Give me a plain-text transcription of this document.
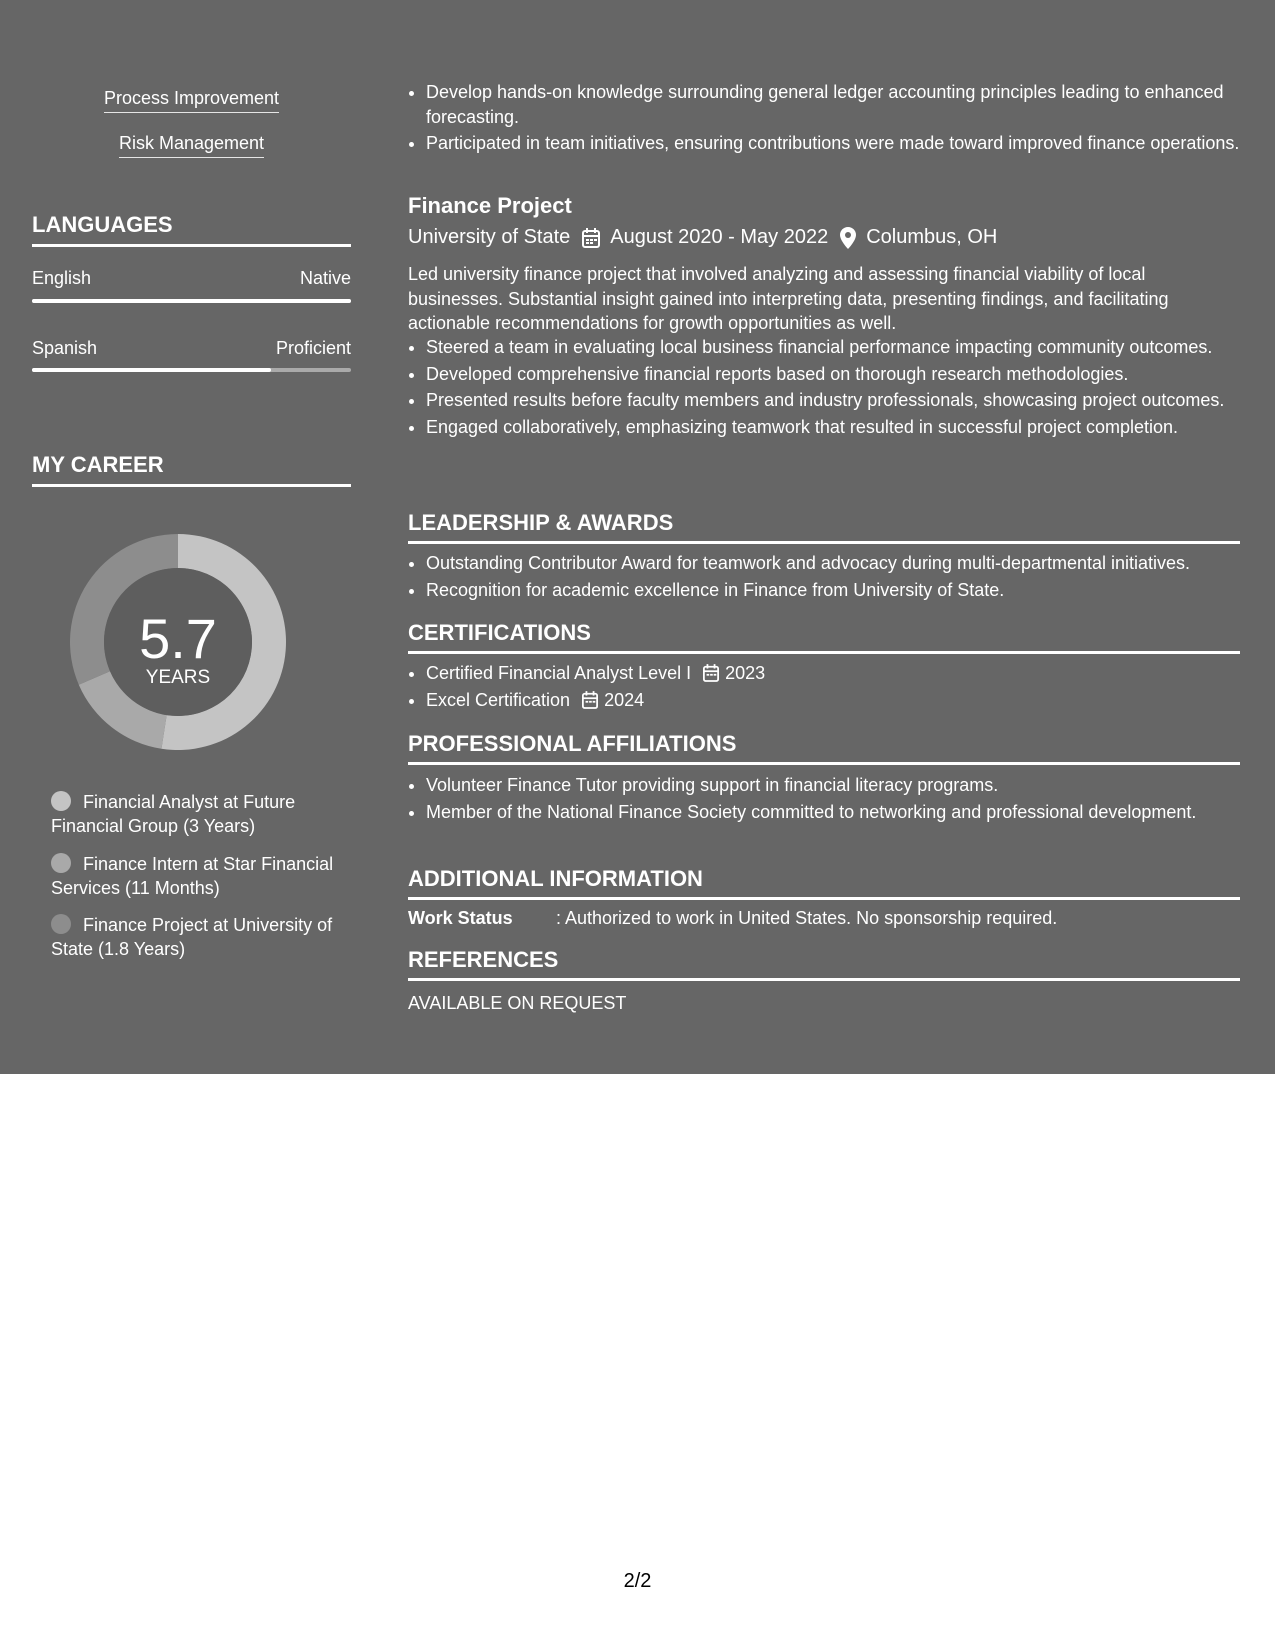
Process Improvement
Risk Management
LANGUAGES
English	Native
Spanish	Proficient
MY CAREER
5.7
YEARS
Financial Analyst at Future Financial Group (3 Years)
Finance Intern at Star Financial Services (11 Months)
Finance Project at University of State (1.8 Years)
• Develop hands-on knowledge surrounding general ledger accounting principles leading to enhanced forecasting.
• Participated in team initiatives, ensuring contributions were made toward improved finance operations.
Finance Project
University of State August 2020 - May 2022 Columbus, OH

Led university finance project that involved analyzing and assessing financial viability of local businesses. Substantial insight gained into interpreting data, presenting findings, and facilitating actionable recommendations for growth opportunities as well.

• Steered a team in evaluating local business financial performance impacting community outcomes.
• Developed comprehensive financial reports based on thorough research methodologies.
• Presented results before faculty members and industry professionals, showcasing project outcomes.
• Engaged collaboratively, emphasizing teamwork that resulted in successful project completion.
LEADERSHIP & AWARDS
• Outstanding Contributor Award for teamwork and advocacy during multi-departmental initiatives.
• Recognition for academic excellence in Finance from University of State.
CERTIFICATIONS
• Certified Financial Analyst Level I 2023
• Excel Certification 2024
PROFESSIONAL AFFILIATIONS
• Volunteer Finance Tutor providing support in financial literacy programs.
• Member of the National Finance Society committed to networking and professional development.
ADDITIONAL INFORMATION
Work Status : Authorized to work in United States. No sponsorship required.
REFERENCES
AVAILABLE ON REQUEST
2/2
